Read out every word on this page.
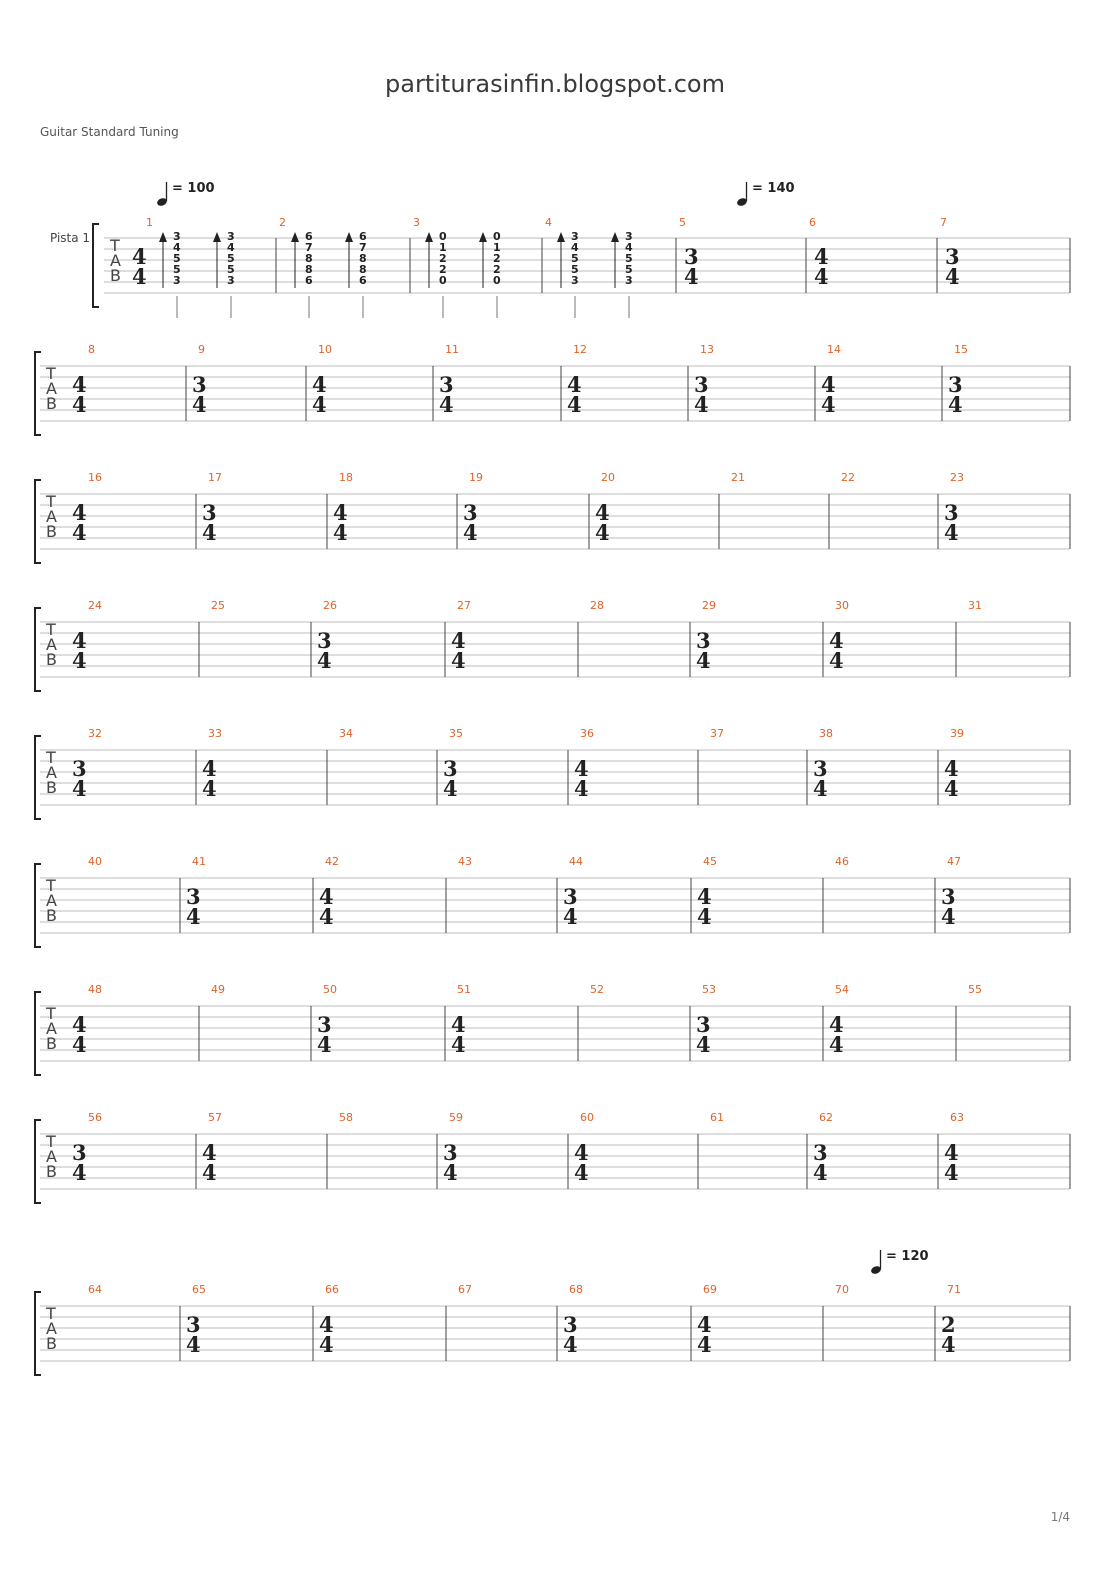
partiturasinfin.blogspot.com
Guitar Standard Tuning
Pista 1 T
A
B
1
4
4
3
4
5
5
3
3
4
5
5
3
2
6
7
8
8
6
6
7
8
8
6
3
0
1
2
2
0
0
1
2
2
0
4
3
4
5
5
3
3
4
5
5
3
5
3
4
6
4
4
7
3
4
= 100	= 140
T
A
B
8
4
4
9
3
4
10
4
4
11
3
4
12
4
4
13
3
4
14
4
4
15
3
4
T
A
B
16
4
4
17
3
4
18
4
4
19
3
4
20
4
4
21	22	23
3
4
T
A
B
24
4
4
25	26
3
4
27
4
4
28	29
3
4
30
4
4
31
T
A
B
32
3
4
33
4
4
34	35
3
4
36
4
4
37	38
3
4
39
4
4
T
A
B
40	41
3
4
42
4
4
43	44
3
4
45
4
4
46	47
3
4
T
A
B
48
4
4
49	50
3
4
51
4
4
52	53
3
4
54
4
4
55
T
A
B
56
3
4
57
4
4
58	59
3
4
60
4
4
61	62
3
4
63
4
4
T
A
B
64	65
3
4
66
4
4
67	68
3
4
69
4
4
70	71
2
4
= 120
1/4
